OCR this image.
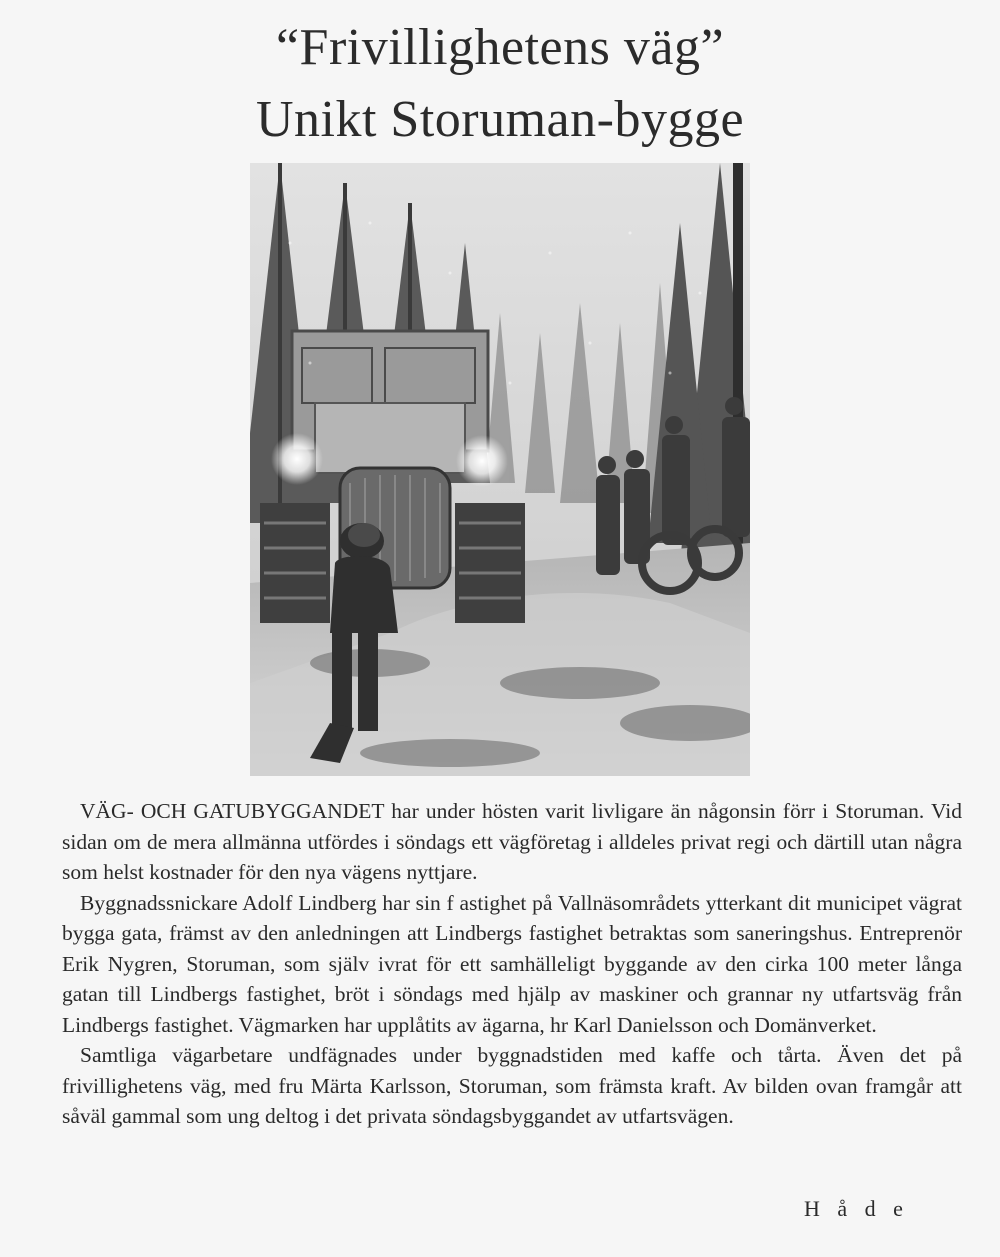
“Frivillighetens väg”
Unikt Storuman-bygge

VÄG- OCH GATUBYGGANDET har under hösten varit livligare än någonsin förr i Storuman. Vid sidan om de mera allmänna utfördes i söndags ett vägföretag i alldeles privat regi och därtill utan några som helst kostnader för den nya vägens nyttjare.

Byggnadssnickare Adolf Lindberg har sin f astighet på Vallnäsområdets ytterkant dit municipet vägrat bygga gata, främst av den anledningen att Lindbergs fastighet betraktas som saneringshus. Entreprenör Erik Nygren, Storuman, som själv ivrat för ett samhälleligt byggande av den cirka 100 meter långa gatan till Lindbergs fastighet, bröt i söndags med hjälp av maskiner och grannar ny utfartsväg från Lindbergs fastighet. Vägmarken har upplåtits av ägarna, hr Karl Danielsson och Domänverket.

Samtliga vägarbetare undfägnades under byggnadstiden med kaffe och tårta. Även det på frivillighetens väg, med fru Märta Karlsson, Storuman, som främsta kraft. Av bilden ovan framgår att såväl gammal som ung deltog i det privata söndagsbyggandet av utfartsvägen.

H å d e
